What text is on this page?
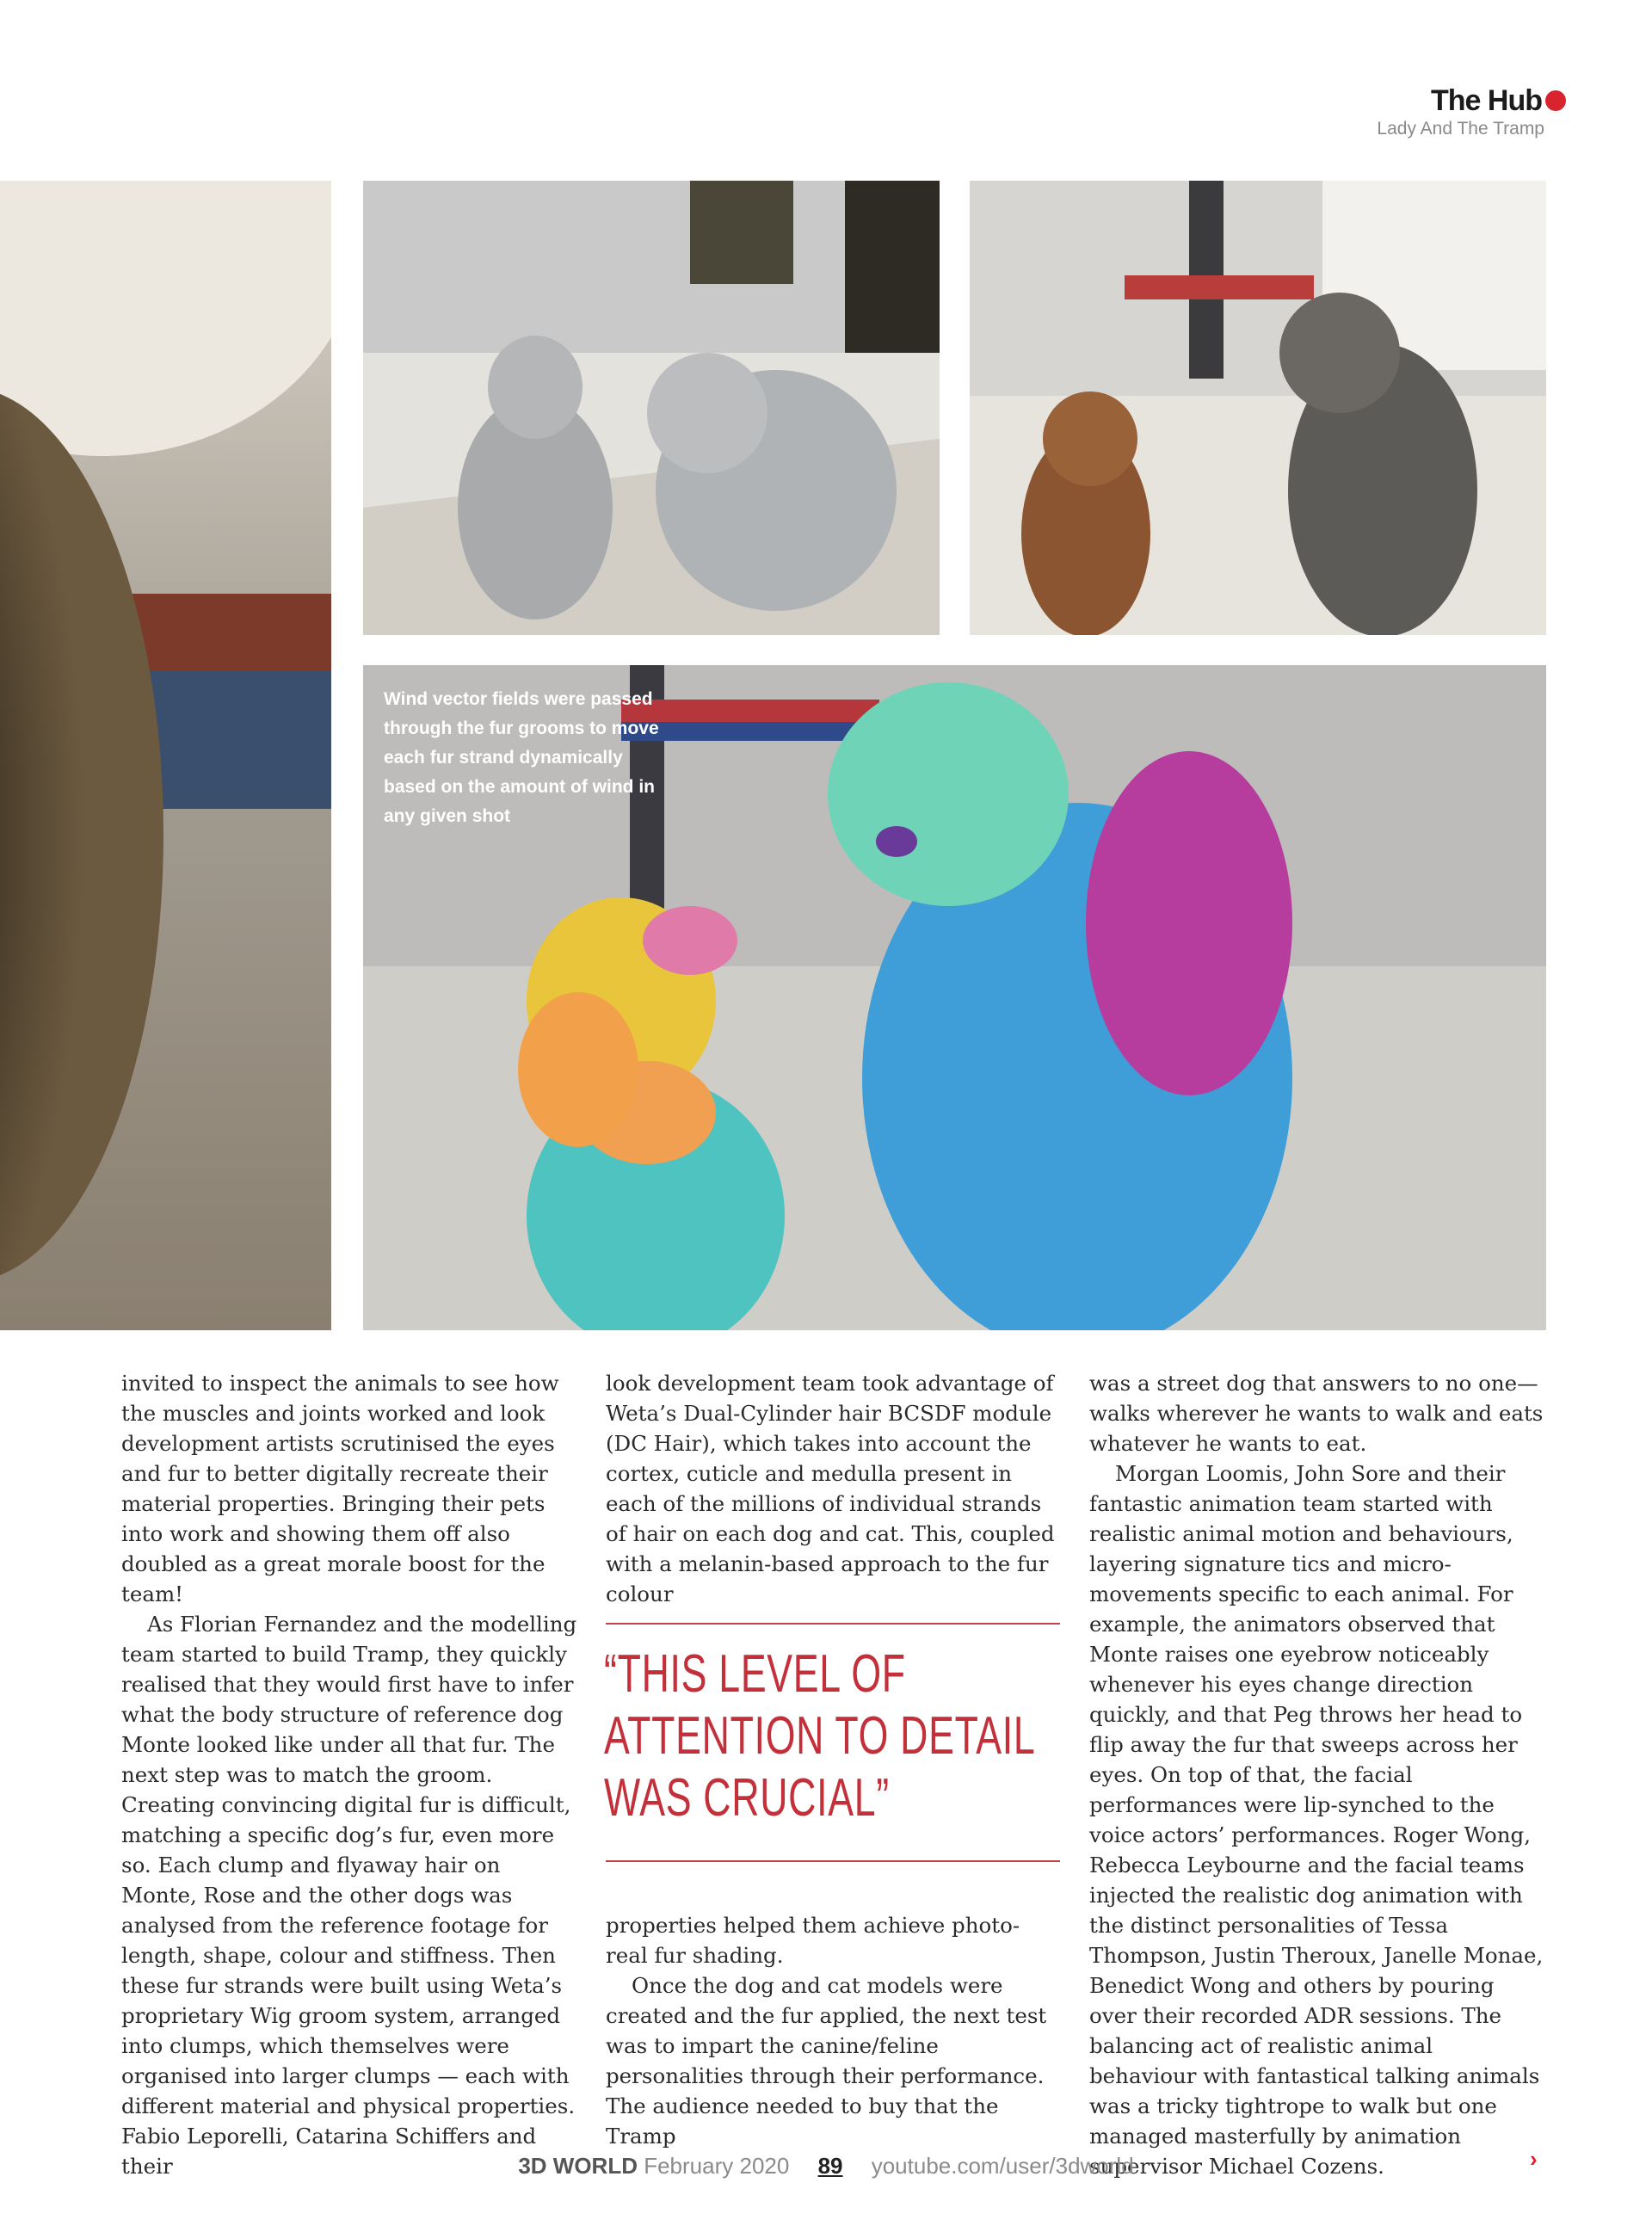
The Hub
Lady And The Tramp
Wind vector fields were passed through the fur grooms to move each fur strand dynamically based on the amount of wind in any given shot

invited to inspect the animals to see how the muscles and joints worked and look development artists scrutinised the eyes and fur to better digitally recreate their material properties. Bringing their pets into work and showing them off also doubled as a great morale boost for the team!

As Florian Fernandez and the modelling team started to build Tramp, they quickly realised that they would first have to infer what the body structure of reference dog Monte looked like under all that fur. The next step was to match the groom. Creating convincing digital fur is difficult, matching a specific dog’s fur, even more so. Each clump and flyaway hair on Monte, Rose and the other dogs was analysed from the reference footage for length, shape, colour and stiffness. Then these fur strands were built using Weta’s proprietary Wig groom system, arranged into clumps, which themselves were organised into larger clumps — each with different material and physical properties. Fabio Leporelli, Catarina Schiffers and their

look development team took advantage of Weta’s Dual-Cylinder hair BCSDF module (DC Hair), which takes into account the cortex, cuticle and medulla present in each of the millions of individual strands of hair on each dog and cat. This, coupled with a melanin-based approach to the fur colour

“THIS LEVEL OF ATTENTION TO DETAIL WAS CRUCIAL”

properties helped them achieve photo-real fur shading.

Once the dog and cat models were created and the fur applied, the next test was to impart the canine/feline personalities through their performance. The audience needed to buy that the Tramp

was a street dog that answers to no one—walks wherever he wants to walk and eats whatever he wants to eat.

Morgan Loomis, John Sore and their fantastic animation team started with realistic animal motion and behaviours, layering signature tics and micro-movements specific to each animal. For example, the animators observed that Monte raises one eyebrow noticeably whenever his eyes change direction quickly, and that Peg throws her head to flip away the fur that sweeps across her eyes. On top of that, the facial performances were lip-synched to the voice actors’ performances. Roger Wong, Rebecca Leybourne and the facial teams injected the realistic dog animation with the distinct personalities of Tessa Thompson, Justin Theroux, Janelle Monae, Benedict Wong and others by pouring over their recorded ADR sessions. The balancing act of realistic animal behaviour with fantastical talking animals was a tricky tightrope to walk but one managed masterfully by animation supervisor Michael Cozens.	›
3D WORLD February 2020 89 youtube.com/user/3dworld
